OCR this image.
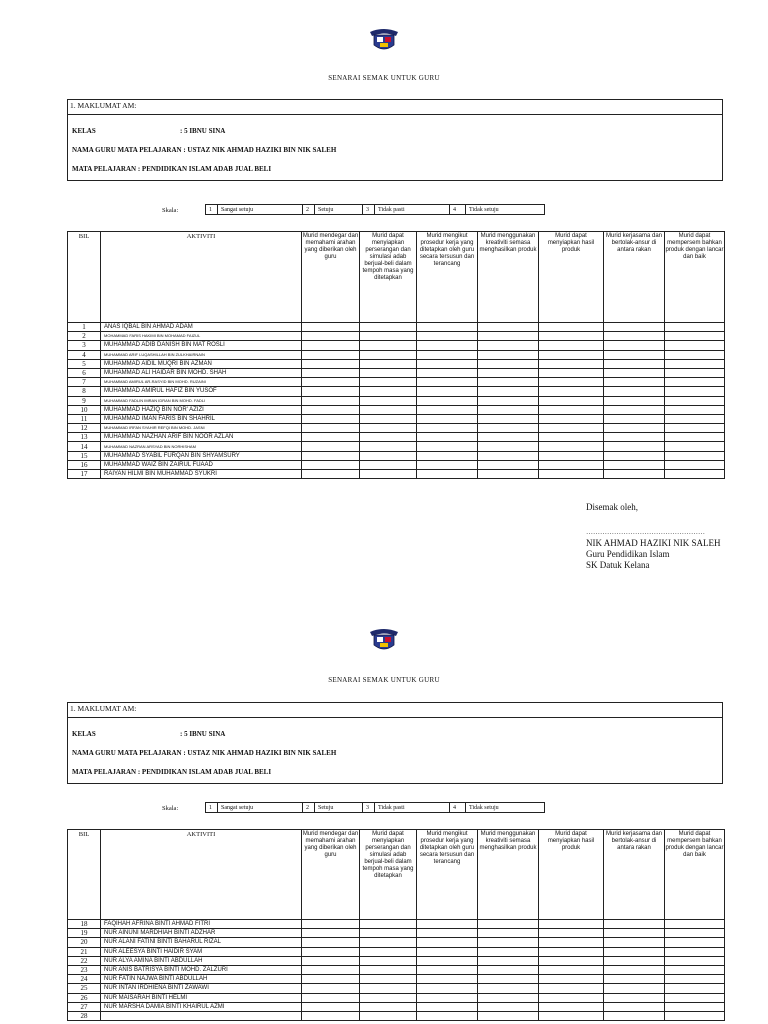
SENARAI SEMAK UNTUK GURU
1. MAKLUMAT AM:
KELAS	: 5 IBNU SINA
NAMA GURU MATA PELAJARAN : USTAZ NIK AHMAD HAZIKI BIN NIK SALEH
MATA PELAJARAN : PENDIDIKAN ISLAM ADAB JUAL BELI
Skala:	1	Sangat setuju	2	Setuju	3	Tidak pasti	4	Tidak setuju
BIL	AKTIVITI	Murid mendegar dan memahami arahan yang diberikan oleh guru	Murid dapat menyiapkan perserangan dan simulasi adab berjual-beli dalam tempoh masa yang ditetapkan	Murid mengikut prosedur kerja yang ditetapkan oleh guru secara tersusun dan terancang	Murid menggunakan kreativiti semasa menghasilkan produk	Murid dapat menyiapkan hasil produk	Murid kerjasama dan bertolak-ansur di antara rakan	Murid dapat mempersem bahkan produk dengan lancar dan baik
1	ANAS IQBAL BIN AHMAD ADAM							
2	MOHAMMAD FARIS HAKIMI BIN MOHAMAD FAIZUL							
3	MUHAMMAD ADIB DANISH BIN MAT ROSLI							
4	MUHAMMAD ARIF LUQASHILLAH BIN ZULKHAIRNAIN							
5	MUHAMMAD AIDIL MUQRI BIN AZMAN							
6	MUHAMMAD ALI HAIDAR BIN MOHD. SHAH							
7	MUHAMMAD AMIRUL AR-RASYID BIN MOHD. RUZAINI							
8	MUHAMMAD AMIRUL HAFIZ BIN YUSOF							
9	MUHAMMAD FADLIN IMRAN IDRAN BIN MOHD. FADLI							
10	MUHAMMAD HAZIQ BIN NOR' AZIZI							
11	MUHAMMAD IMAN FARIS BIN SHAHRIL							
12	MUHAMMAD IRFAN SYAHIR REFQI BIN MOHD. JASNI							
13	MUHAMMAD NAZHAN ARIF BIN NOOR AZLAN							
14	MUHAMMAD NAZRAN ARSYAD BIN NORHISHAM							
15	MUHAMMAD SYABIL FURQAN BIN SHYAMSURY							
16	MUHAMMAD WAIZ BIN ZAIRUL FUAAD							
17	RAIYAN HILMI BIN MUHAMMAD SYUKRI							
Disemak oleh,
……………………………………………
NIK AHMAD HAZIKI NIK SALEH
Guru Pendidikan Islam
SK Datuk Kelana
SENARAI SEMAK UNTUK GURU
1. MAKLUMAT AM:
KELAS	: 5 IBNU SINA
NAMA GURU MATA PELAJARAN : USTAZ NIK AHMAD HAZIKI BIN NIK SALEH
MATA PELAJARAN : PENDIDIKAN ISLAM ADAB JUAL BELI
Skala:	1	Sangat setuju	2	Setuju	3	Tidak pasti	4	Tidak setuju
BIL	AKTIVITI	Murid mendegar dan memahami arahan yang diberikan oleh guru	Murid dapat menyiapkan perserangan dan simulasi adab berjual-beli dalam tempoh masa yang ditetapkan	Murid mengikut prosedur kerja yang ditetapkan oleh guru secara tersusun dan terancang	Murid menggunakan kreativiti semasa menghasilkan produk	Murid dapat menyiapkan hasil produk	Murid kerjasama dan bertolak-ansur di antara rakan	Murid dapat mempersem bahkan produk dengan lancar dan baik
18	FAQIHAH AFRINA BINTI AHMAD FITRI							
19	NUR AINUNI MARDHIAH BINTI ADZHAR							
20	NUR ALANI FATINI BINTI BAHARUL RIZAL							
21	NUR ALEESYA BINTI HAIDIR SYAM							
22	NUR ALYA AMINA BINTI ABDULLAH							
23	NUR ANIS BATRISYA BINTI MOHD. ZALZURI							
24	NUR FATIN NAJWA BINTI ABDULLAH							
25	NUR INTAN IRDHIENA BINTI ZAWAWI							
26	NUR MAISARAH BINTI HELMI							
27	NUR MARSHA DAMIA BINTI KHAIRUL AZMI							
28								
